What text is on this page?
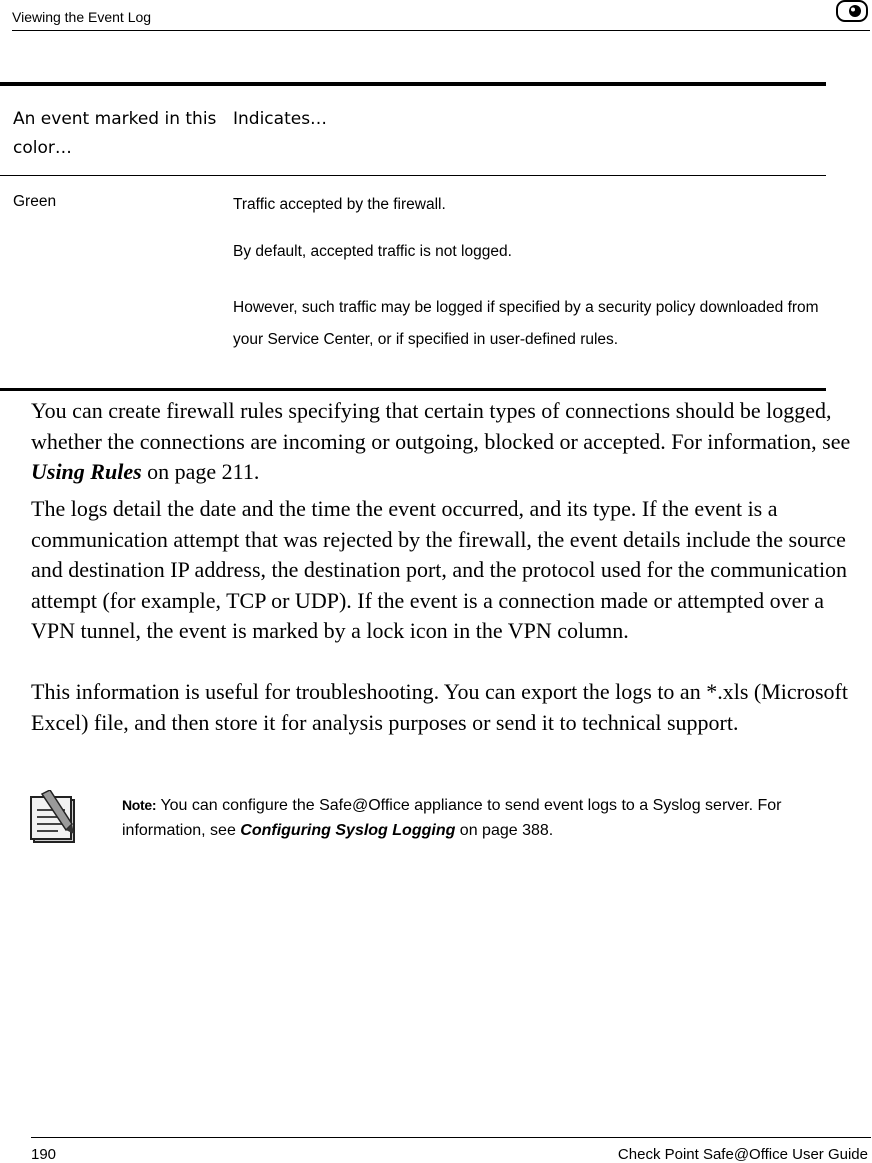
Viewing the Event Log
An event marked in this color…
Indicates…
Green	Traffic accepted by the firewall.
By default, accepted traffic is not logged.
However, such traffic may be logged if specified by a security policy downloaded from your Service Center, or if specified in user-defined rules.
You can create firewall rules specifying that certain types of connections should be logged, whether the connections are incoming or outgoing, blocked or accepted. For information, see Using Rules on page 211.
The logs detail the date and the time the event occurred, and its type. If the event is a communication attempt that was rejected by the firewall, the event details include the source and destination IP address, the destination port, and the protocol used for the communication attempt (for example, TCP or UDP). If the event is a connection made or attempted over a VPN tunnel, the event is marked by a lock icon in the VPN column.
This information is useful for troubleshooting. You can export the logs to an *.xls (Microsoft Excel) file, and then store it for analysis purposes or send it to technical support.
Note: You can configure the Safe@Office appliance to send event logs to a Syslog server. For information, see Configuring Syslog Logging on page 388.
190	Check Point Safe@Office User Guide
